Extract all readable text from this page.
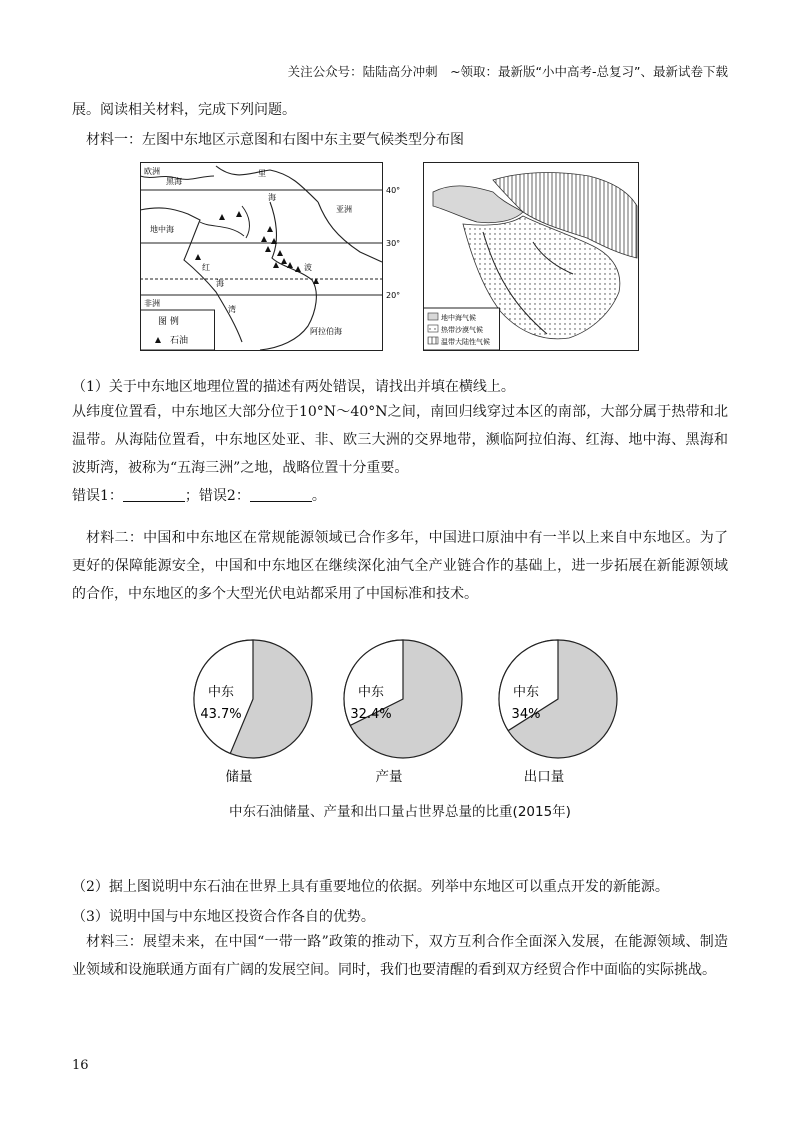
关注公众号：陆陆高分冲刺　~领取：最新版“小中高考-总复习”、最新试卷下载
展。阅读相关材料，完成下列问题。
材料一：左图中东地区示意图和右图中东主要气候类型分布图
欧洲
黑海
里
海
亚洲
地中海
红
海
波
非洲
湾
阿拉伯海
40°
30°
20°
图 例
石油
地中海气候
热带沙漠气候
温带大陆性气候
（1）关于中东地区地理位置的描述有两处错误，请找出并填在横线上。

从纬度位置看，中东地区大部分位于10°N～40°N之间，南回归线穿过本区的南部，大部分属于热带和北温带。从海陆位置看，中东地区处亚、非、欧三大洲的交界地带，濒临阿拉伯海、红海、地中海、黑海和波斯湾，被称为“五海三洲”之地，战略位置十分重要。

错误1：	；错误2：	。

材料二：中国和中东地区在常规能源领域已合作多年，中国进口原油中有一半以上来自中东地区。为了更好的保障能源安全，中国和中东地区在继续深化油气全产业链合作的基础上，进一步拓展在新能源领域的合作，中东地区的多个大型光伏电站都采用了中国标准和技术。

中东
43.7%
储量
中东
32.4%
产量
中东
34%
出口量
中东石油储量、产量和出口量占世界总量的比重(2015年)
（2）据上图说明中东石油在世界上具有重要地位的依据。列举中东地区可以重点开发的新能源。
（3）说明中国与中东地区投资合作各自的优势。

材料三：展望未来，在中国“一带一路”政策的推动下，双方互利合作全面深入发展，在能源领域、制造业领域和设施联通方面有广阔的发展空间。同时，我们也要清醒的看到双方经贸合作中面临的实际挑战。

16
